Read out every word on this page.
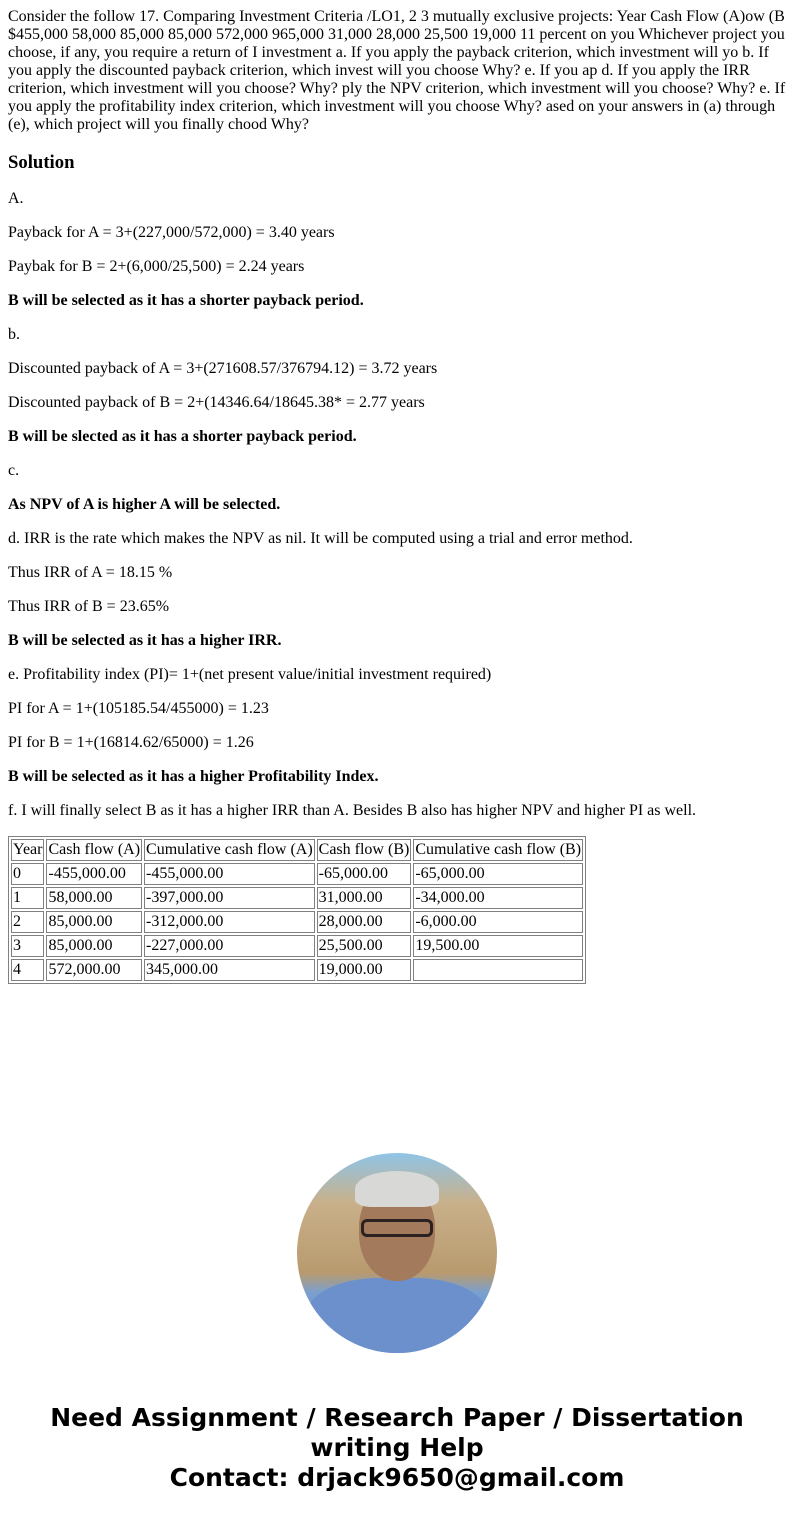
Consider the follow 17. Comparing Investment Criteria /LO1, 2 3 mutually exclusive projects: Year Cash Flow (A)ow (B $455,000 58,000 85,000 85,000 572,000 965,000 31,000 28,000 25,500 19,000 11 percent on you Whichever project you choose, if any, you require a return of I investment a. If you apply the payback criterion, which investment will yo b. If you apply the discounted payback criterion, which invest will you choose Why? e. If you ap d. If you apply the IRR criterion, which investment will you choose? Why? ply the NPV criterion, which investment will you choose? Why? e. If you apply the profitability index criterion, which investment will you choose Why? ased on your answers in (a) through (e), which project will you finally chood Why?
Solution

A.

Payback for A = 3+(227,000/572,000) = 3.40 years

Paybak for B = 2+(6,000/25,500) = 2.24 years

B will be selected as it has a shorter payback period.

b.

Discounted payback of A = 3+(271608.57/376794.12) = 3.72 years

Discounted payback of B = 2+(14346.64/18645.38* = 2.77 years

B will be slected as it has a shorter payback period.

c.

As NPV of A is higher A will be selected.

d. IRR is the rate which makes the NPV as nil. It will be computed using a trial and error method.

Thus IRR of A = 18.15 %

Thus IRR of B = 23.65%

B will be selected as it has a higher IRR.

e. Profitability index (PI)= 1+(net present value/initial investment required)

PI for A = 1+(105185.54/455000) = 1.23

PI for B = 1+(16814.62/65000) = 1.26

B will be selected as it has a higher Profitability Index.

f. I will finally select B as it has a higher IRR than A. Besides B also has higher NPV and higher PI as well.

Year	Cash flow (A)	Cumulative cash flow (A)	Cash flow (B)	Cumulative cash flow (B)
0	-455,000.00	-455,000.00	-65,000.00	-65,000.00
1	58,000.00	-397,000.00	31,000.00	-34,000.00
2	85,000.00	-312,000.00	28,000.00	-6,000.00
3	85,000.00	-227,000.00	25,500.00	19,500.00
4	572,000.00	345,000.00	19,000.00	
Need Assignment / Research Paper / Dissertation
writing Help
Contact: drjack9650@gmail.com
